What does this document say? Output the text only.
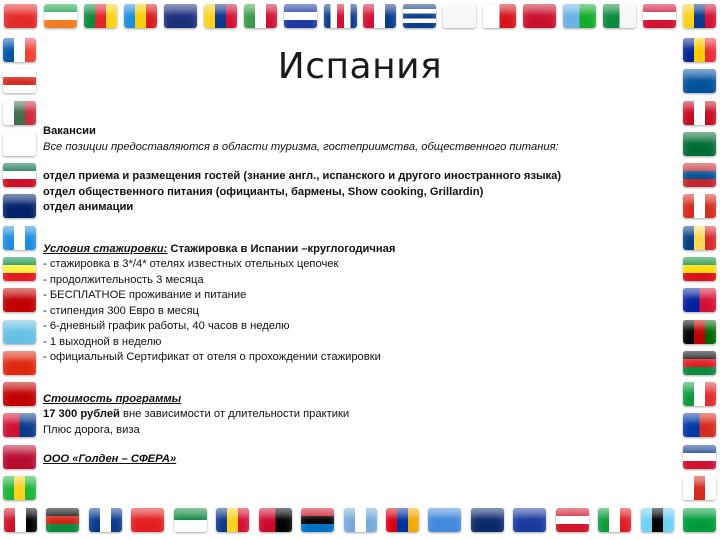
Испания

Вакансии

Все позиции предоставляются в области туризма, гостеприимства, общественного питания:

отдел приема и размещения гостей (знание англ., испанского и другого иностранного языка)

отдел общественного питания (официанты, бармены, Show cooking, Grillardin)

отдел анимации

Условия стажировки: Стажировка в Испании –круглогодичная

- стажировка в 3*/4* отелях известных отельных цепочек

- продолжительность 3 месяца

- БЕСПЛАТНОЕ проживание и питание

- стипендия 300 Евро в месяц

- 6-дневный график работы, 40 часов в неделю

- 1 выходной в неделю

- официальный Сертификат от отеля о прохождении стажировки

Стоимость программы

17 300 рублей вне зависимости от длительности практики

Плюс дорога, виза

ООО «Голден – СФЕРА»
